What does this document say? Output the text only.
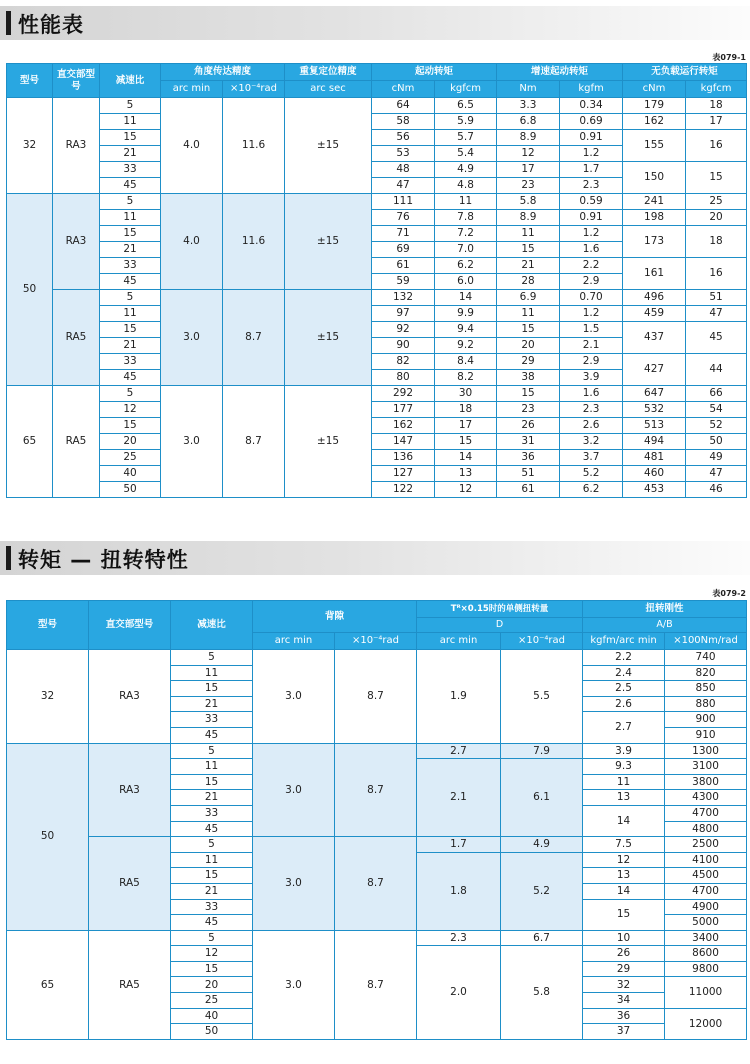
性能表
表079-1
型号	直交部型号	减速比	角度传达精度		重复定位精度	起动转矩		增速起动转矩		无负载运行转矩	
			arc min	×10⁻⁴rad	arc sec	cNm	kgfcm	Nm	kgfm	cNm	kgfcm
32	RA3	5	4.0	11.6	±15	64	6.5	3.3	0.34	179	18
		11				58	5.9	6.8	0.69	162	17
		15				56	5.7	8.9	0.91	155	16
		21				53	5.4	12	1.2		
		33				48	4.9	17	1.7	150	15
		45				47	4.8	23	2.3		
50	RA3	5	4.0	11.6	±15	111	11	5.8	0.59	241	25
		11				76	7.8	8.9	0.91	198	20
		15				71	7.2	11	1.2	173	18
		21				69	7.0	15	1.6		
		33				61	6.2	21	2.2	161	16
		45				59	6.0	28	2.9		
	RA5	5	3.0	8.7	±15	132	14	6.9	0.70	496	51
		11				97	9.9	11	1.2	459	47
		15				92	9.4	15	1.5	437	45
		21				90	9.2	20	2.1		
		33				82	8.4	29	2.9	427	44
		45				80	8.2	38	3.9		
65	RA5	5	3.0	8.7	±15	292	30	15	1.6	647	66
		12				177	18	23	2.3	532	54
		15				162	17	26	2.6	513	52
		20				147	15	31	3.2	494	50
		25				136	14	36	3.7	481	49
		40				127	13	51	5.2	460	47
		50				122	12	61	6.2	453	46
转矩 — 扭转特性
表079-2
型号	直交部型号	减速比	背隙		Tᴿ×0.15时的单侧扭转量		扭转刚性	
					D		A/B	
			arc min	×10⁻⁴rad	arc min	×10⁻⁴rad	kgfm/arc min	×100Nm/rad
32	RA3	5	3.0	8.7	1.9	5.5	2.2	740
		11					2.4	820
		15					2.5	850
		21					2.6	880
		33					2.7	900
		45						910
50	RA3	5	3.0	8.7	2.7	7.9	3.9	1300
		11			2.1	6.1	9.3	3100
		15					11	3800
		21					13	4300
		33					14	4700
		45						4800
	RA5	5	3.0	8.7	1.7	4.9	7.5	2500
		11			1.8	5.2	12	4100
		15					13	4500
		21					14	4700
		33					15	4900
		45						5000
65	RA5	5	3.0	8.7	2.3	6.7	10	3400
		12			2.0	5.8	26	8600
		15					29	9800
		20					32	11000
		25					34	
		40					36	12000
		50					37	
